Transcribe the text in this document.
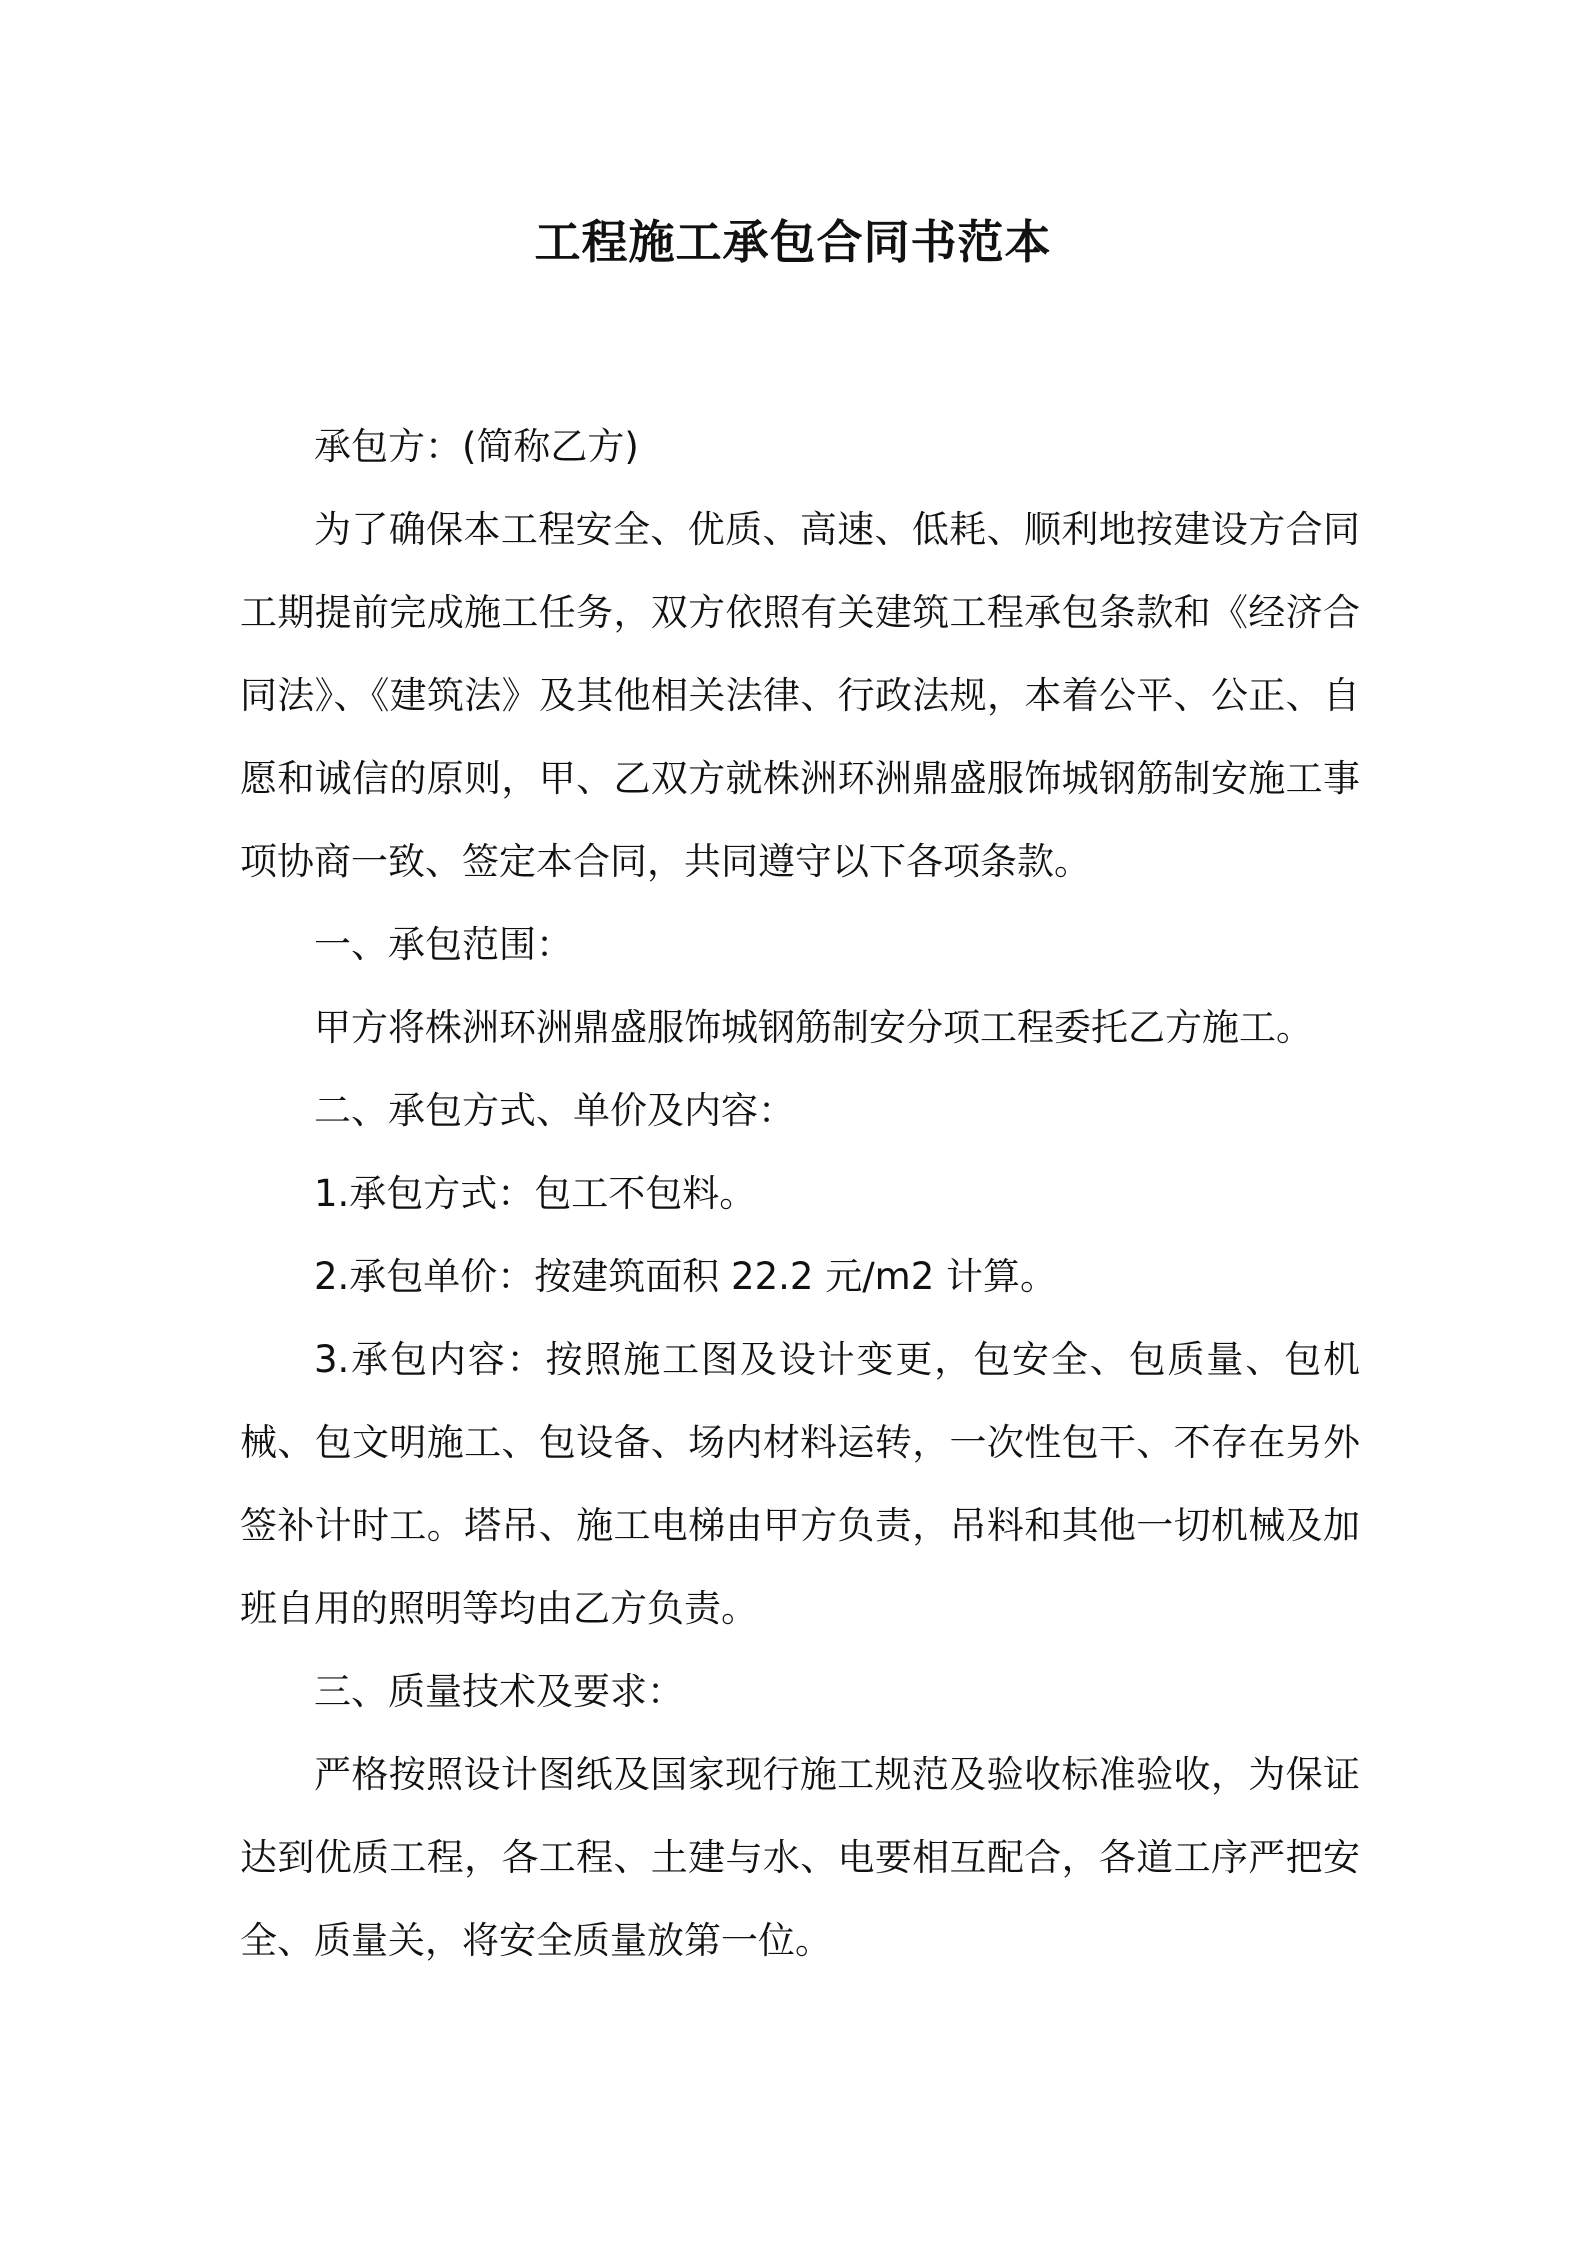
工程施工承包合同书范本

承包方：(简称乙方)

为了确保本工程安全、优质、高速、低耗、顺利地按建设方合同工期提前完成施工任务，双方依照有关建筑工程承包条款和《经济合同法》、《建筑法》及其他相关法律、行政法规，本着公平、公正、自愿和诚信的原则，甲、乙双方就株洲环洲鼎盛服饰城钢筋制安施工事项协商一致、签定本合同，共同遵守以下各项条款。

一、承包范围：

甲方将株洲环洲鼎盛服饰城钢筋制安分项工程委托乙方施工。

二、承包方式、单价及内容：

1.承包方式：包工不包料。

2.承包单价：按建筑面积 22.2 元/m2 计算。

3.承包内容：按照施工图及设计变更，包安全、包质量、包机械、包文明施工、包设备、场内材料运转，一次性包干、不存在另外签补计时工。塔吊、施工电梯由甲方负责，吊料和其他一切机械及加班自用的照明等均由乙方负责。

三、质量技术及要求：

严格按照设计图纸及国家现行施工规范及验收标准验收，为保证达到优质工程，各工程、土建与水、电要相互配合，各道工序严把安全、质量关，将安全质量放第一位。
